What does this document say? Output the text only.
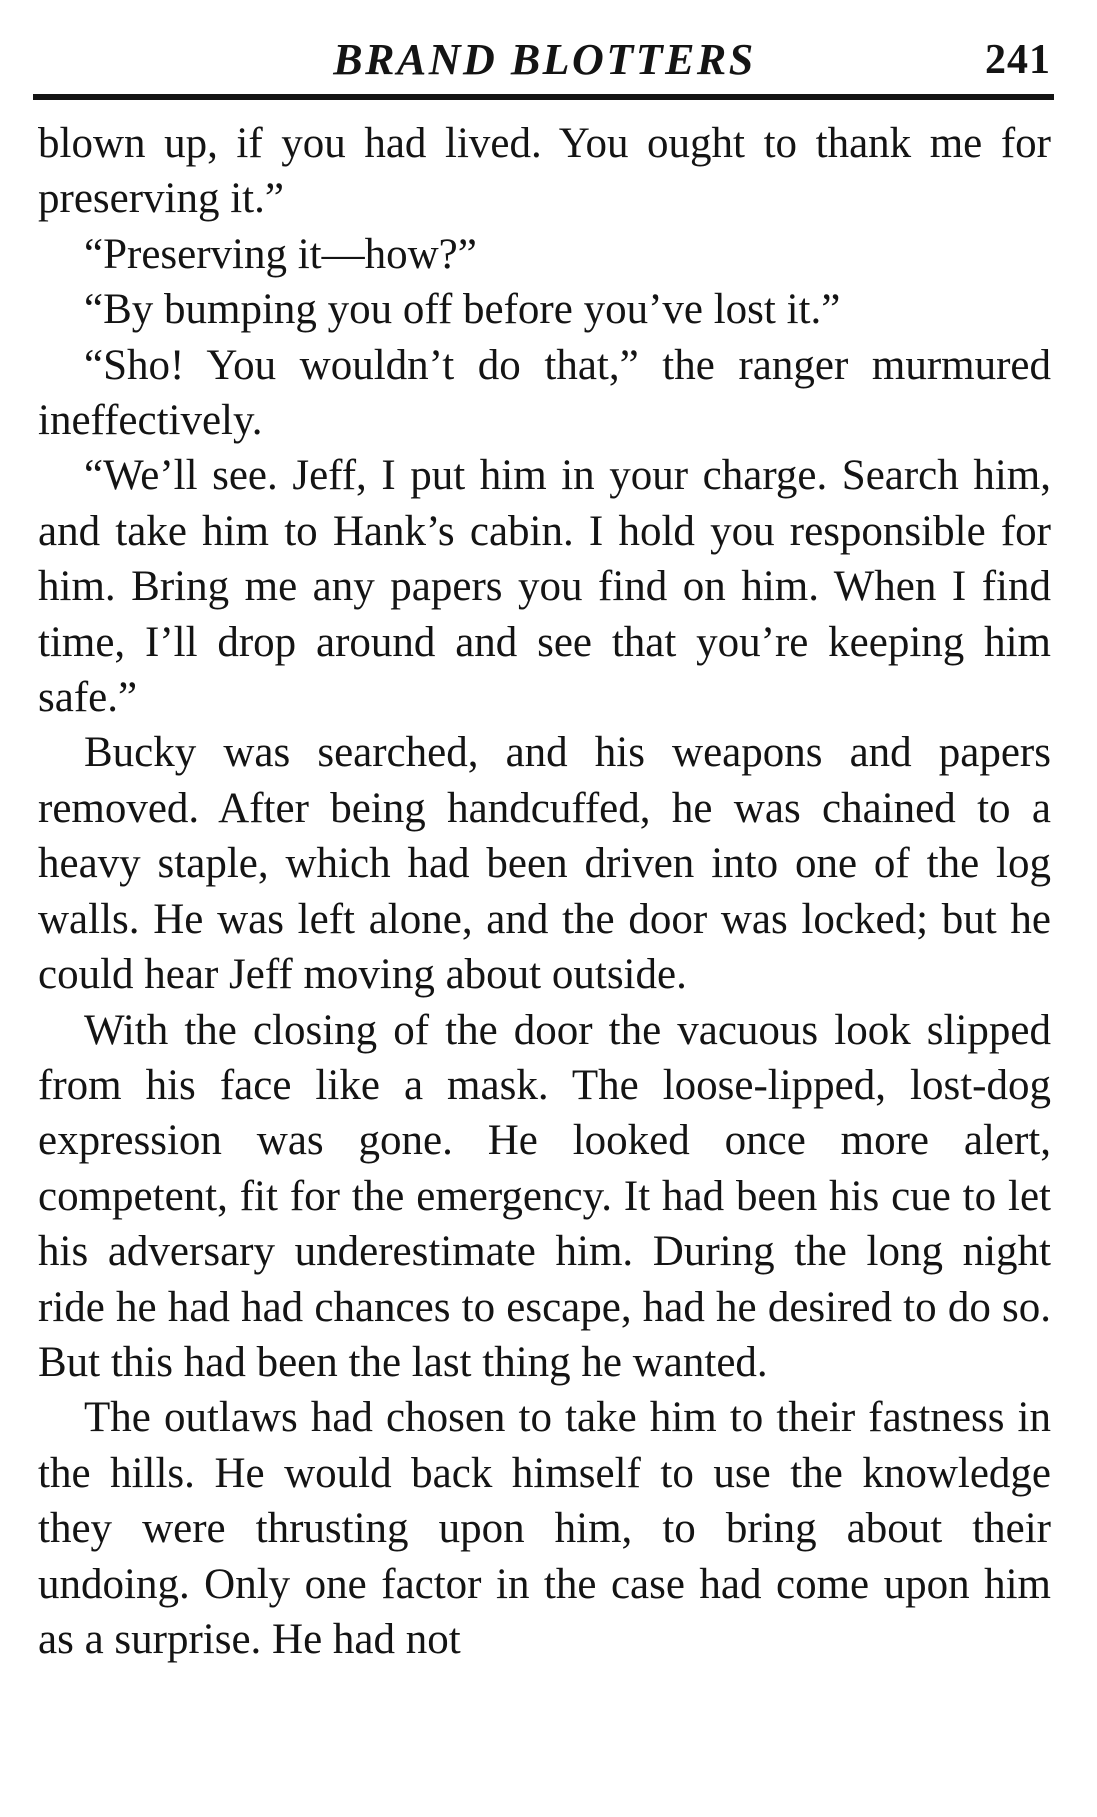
BRAND BLOTTERS	241

blown up, if you had lived. You ought to thank me for preserving it.”

“Preserving it—how?”

“By bumping you off before you’ve lost it.”

“Sho! You wouldn’t do that,” the ranger murmured ineffectively.

“We’ll see. Jeff, I put him in your charge. Search him, and take him to Hank’s cabin. I hold you responsible for him. Bring me any papers you find on him. When I find time, I’ll drop around and see that you’re keeping him safe.”

Bucky was searched, and his weapons and papers removed. After being handcuffed, he was chained to a heavy staple, which had been driven into one of the log walls. He was left alone, and the door was locked; but he could hear Jeff moving about outside.

With the closing of the door the vacuous look slipped from his face like a mask. The loose-lipped, lost-dog expression was gone. He looked once more alert, competent, fit for the emergency. It had been his cue to let his adversary underestimate him. During the long night ride he had had chances to escape, had he desired to do so. But this had been the last thing he wanted.

The outlaws had chosen to take him to their fastness in the hills. He would back himself to use the knowledge they were thrusting upon him, to bring about their undoing. Only one factor in the case had come upon him as a surprise. He had not
